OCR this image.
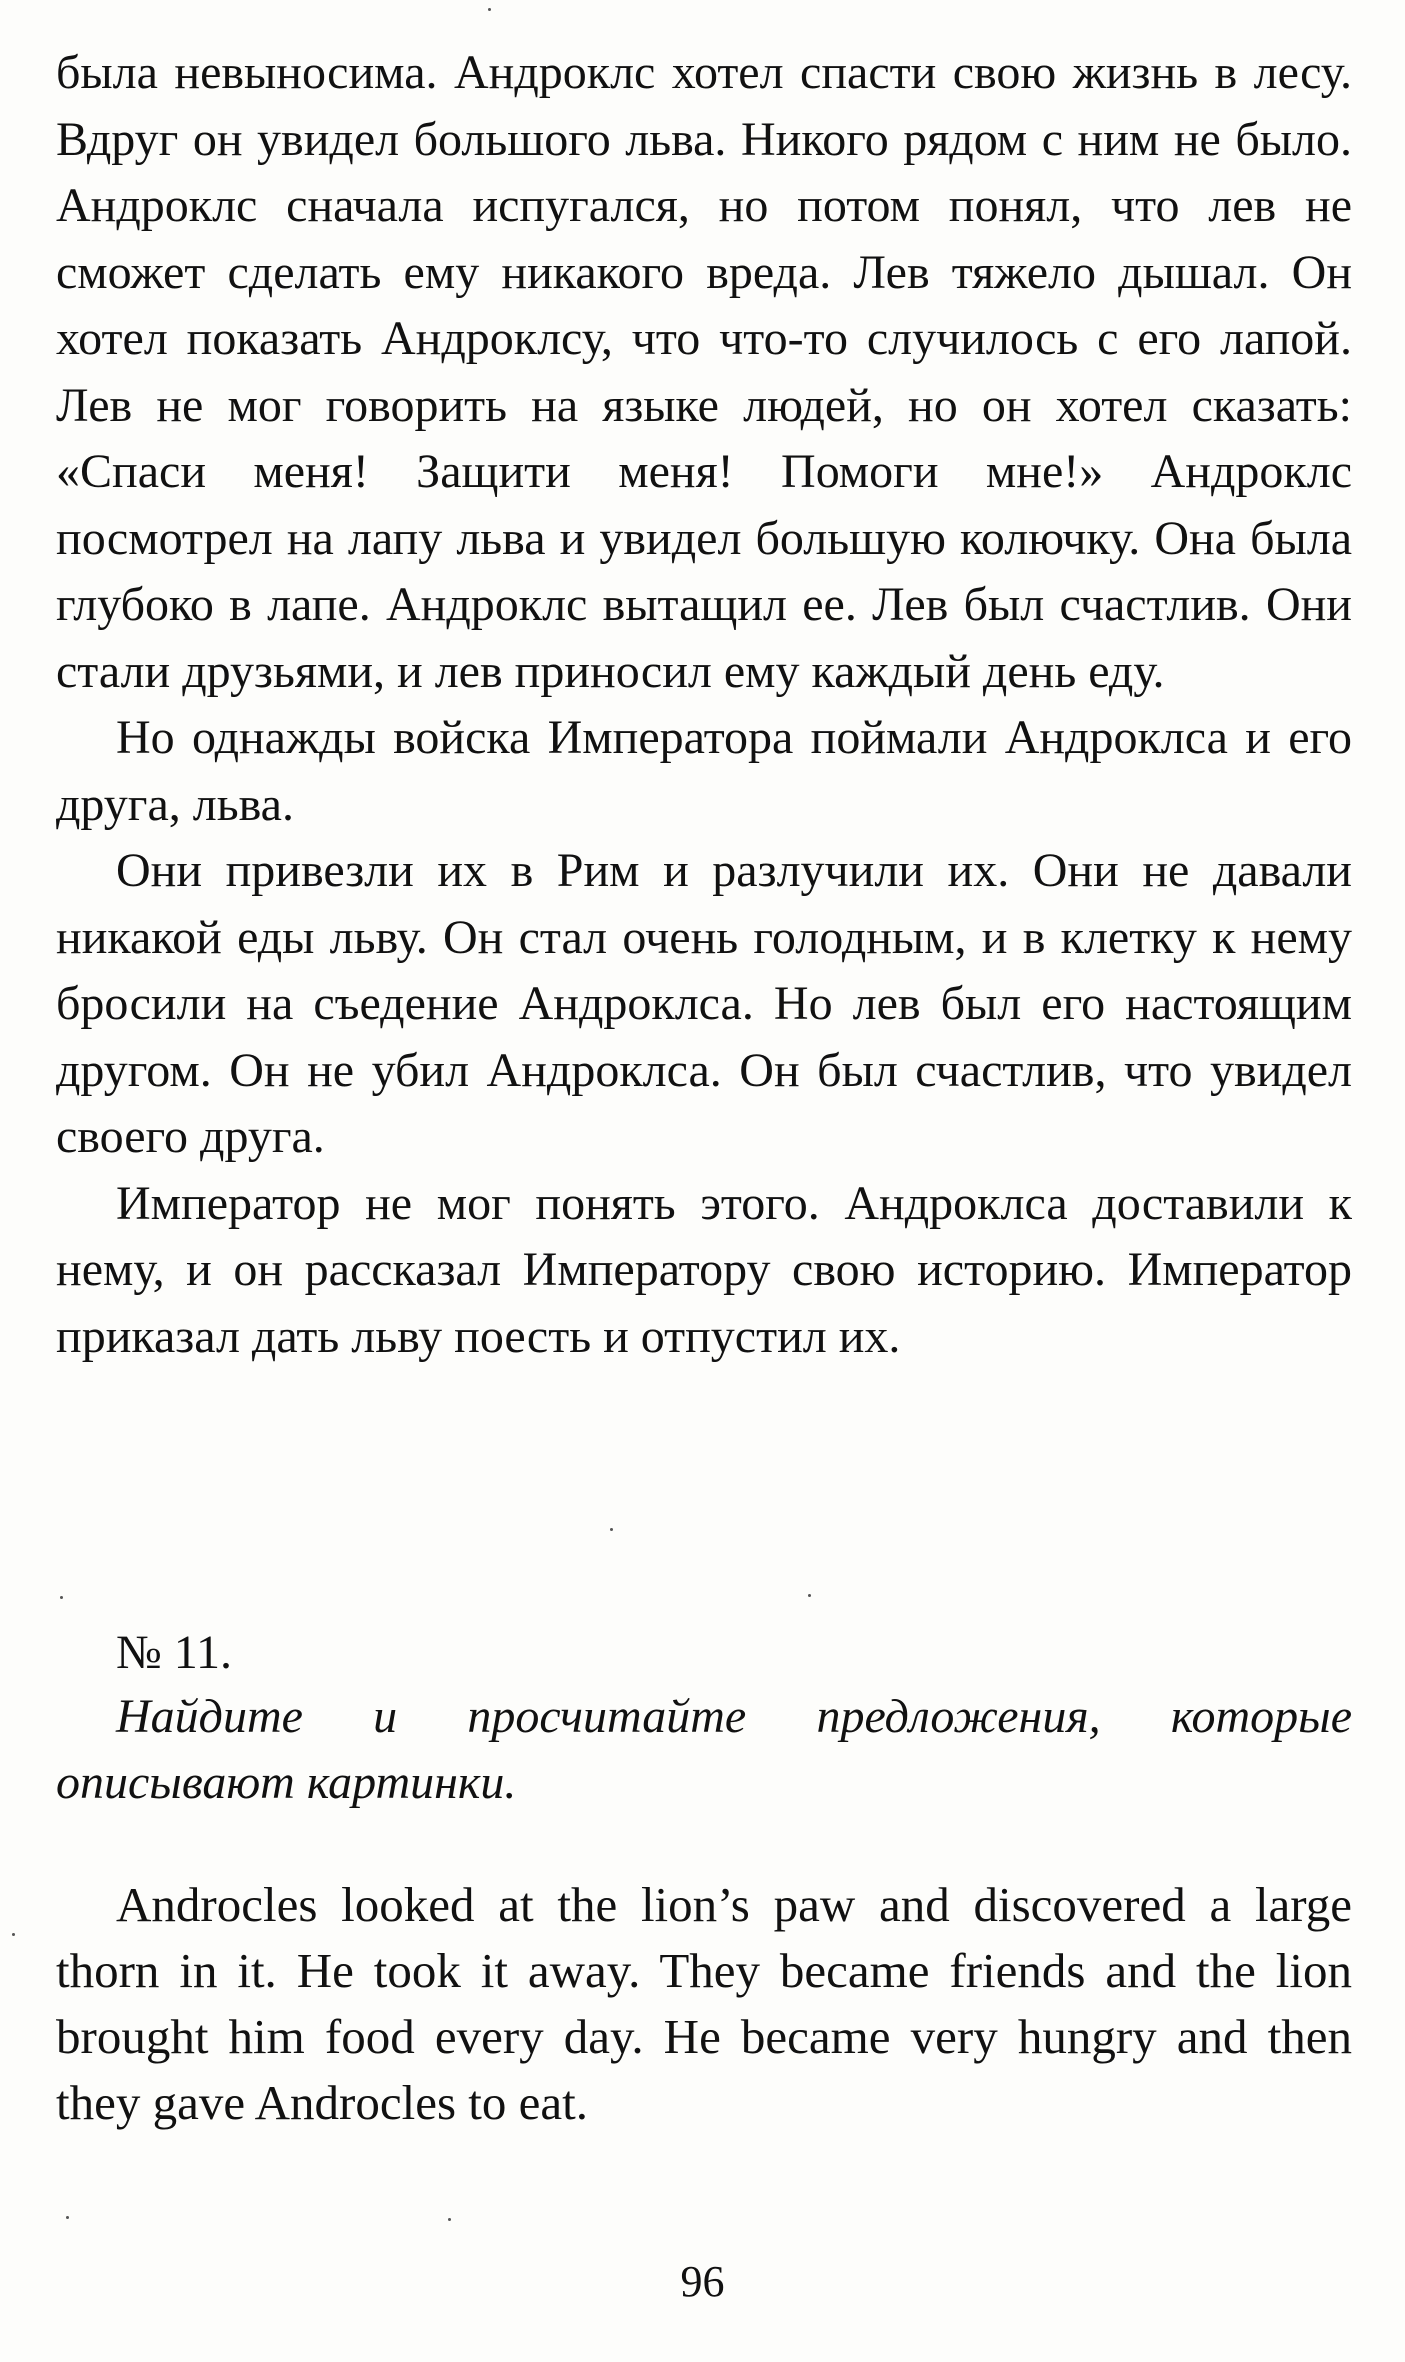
была невыносима. Андроклс хотел спасти свою жизнь в лесу. Вдруг он увидел большого льва. Никого рядом с ним не было. Андроклс сначала испугался, но потом понял, что лев не сможет сделать ему никакого вреда. Лев тяжело дышал. Он хотел показать Андроклсу, что что-то случилось с его лапой. Лев не мог говорить на языке людей, но он хотел сказать: «Спаси меня! Защити меня! Помоги мне!» Андроклс посмотрел на лапу льва и увидел большую колючку. Она была глубоко в лапе. Андроклс вытащил ее. Лев был счастлив. Они стали друзьями, и лев приносил ему каждый день еду.

Но однажды войска Императора поймали Андроклса и его друга, льва.

Они привезли их в Рим и разлучили их. Они не давали никакой еды льву. Он стал очень голодным, и в клетку к нему бросили на съедение Андроклса. Но лев был его настоящим другом. Он не убил Андроклса. Он был счастлив, что увидел своего друга.

Император не мог понять этого. Андроклса доставили к нему, и он рассказал Императору свою историю. Император приказал дать льву поесть и отпустил их.

№ 11.

Найдите и просчитайте предложения, которые описывают картинки.

Androcles looked at the lion’s paw and discovered a large thorn in it. He took it away. They became friends and the lion brought him food every day. He became very hungry and then they gave Androcles to eat.

96
